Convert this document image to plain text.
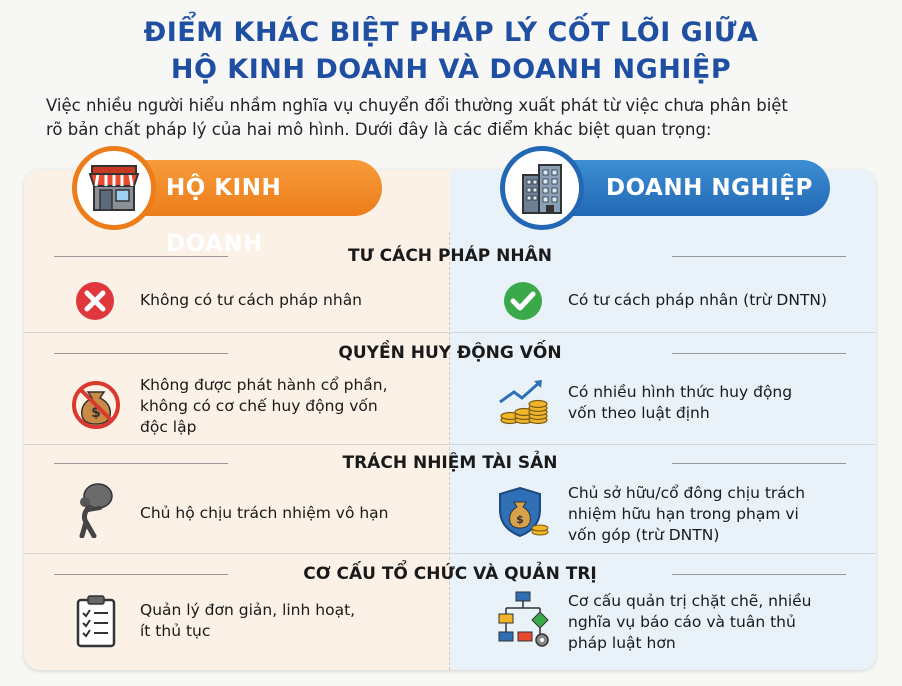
ĐIỂM KHÁC BIỆT PHÁP LÝ CỐT LÕI GIỮA
HỘ KINH DOANH VÀ DOANH NGHIỆP
Việc nhiều người hiểu nhầm nghĩa vụ chuyển đổi thường xuất phát từ việc chưa phân biệt
rõ bản chất pháp lý của hai mô hình. Dưới đây là các điểm khác biệt quan trọng:
HỘ KINH DOANH
DOANH NGHIỆP
TƯ CÁCH PHÁP NHÂN
Không có tư cách pháp nhân	Có tư cách pháp nhân (trừ DNTN)
QUYỀN HUY ĐỘNG VỐN
$
Không được phát hành cổ phần,
không có cơ chế huy động vốn
độc lập
Có nhiều hình thức huy động
vốn theo luật định
TRÁCH NHIỆM TÀI SẢN
Chủ hộ chịu trách nhiệm vô hạn	$
Chủ sở hữu/cổ đông chịu trách
nhiệm hữu hạn trong phạm vi
vốn góp (trừ DNTN)
CƠ CẤU TỔ CHỨC VÀ QUẢN TRỊ
Quản lý đơn giản, linh hoạt,
ít thủ tục
Cơ cấu quản trị chặt chẽ, nhiều
nghĩa vụ báo cáo và tuân thủ
pháp luật hơn
